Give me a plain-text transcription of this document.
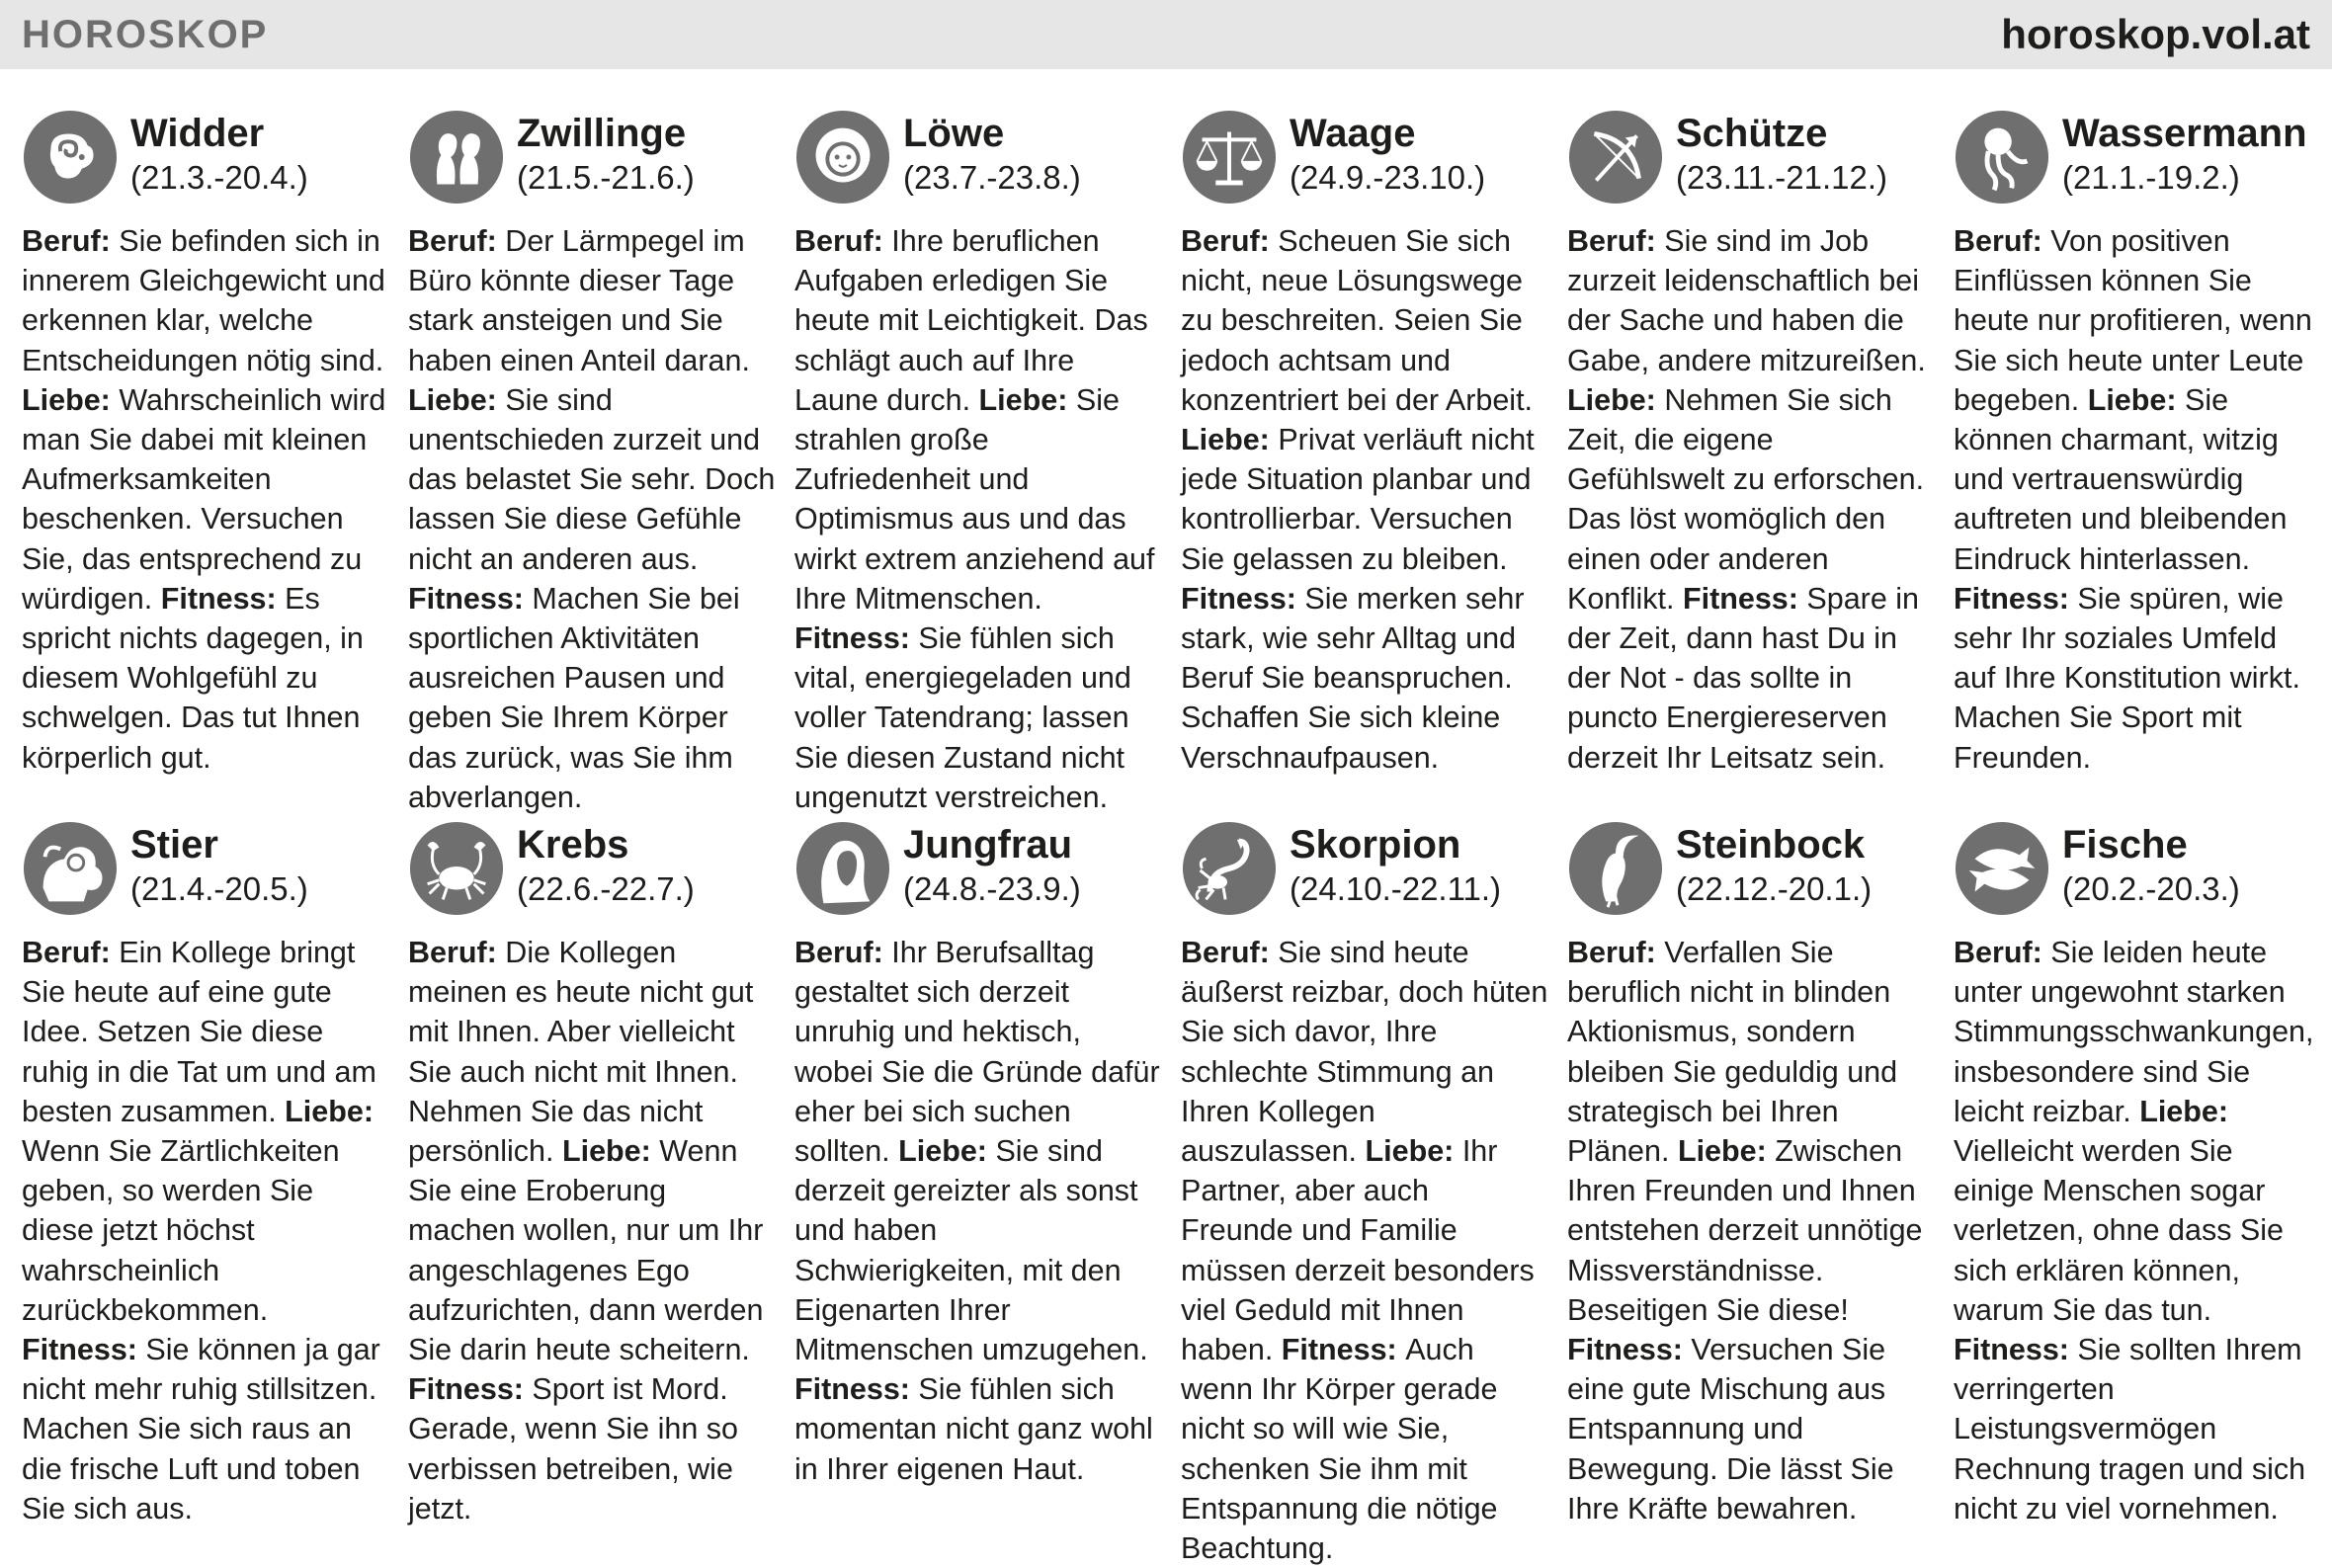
HOROSKOP	horoskop.vol.at
Widder
(21.3.-20.4.)
Beruf: Sie befinden sich in innerem Gleichgewicht und erkennen klar, welche Entscheidungen nötig sind.

Liebe: Wahrscheinlich wird man Sie dabei mit kleinen Aufmerksamkeiten beschenken. Versuchen Sie, das entsprechend zu würdigen. Fitness: Es spricht nichts dagegen, in diesem Wohlgefühl zu schwelgen. Das tut Ihnen körperlich gut.

Zwillinge
(21.5.-21.6.)
Beruf: Der Lärmpegel im Büro könnte dieser Tage stark ansteigen und Sie haben einen Anteil daran.

Liebe: Sie sind unentschieden zurzeit und das belastet Sie sehr. Doch lassen Sie diese Gefühle nicht an anderen aus.

Fitness: Machen Sie bei sportlichen Aktivitäten ausreichen Pausen und geben Sie Ihrem Körper das zurück, was Sie ihm abverlangen.

Löwe
(23.7.-23.8.)
Beruf: Ihre beruflichen Aufgaben erledigen Sie heute mit Leichtigkeit. Das schlägt auch auf Ihre Laune durch. Liebe: Sie strahlen große Zufriedenheit und Optimismus aus und das wirkt extrem anziehend auf Ihre Mitmenschen.

Fitness: Sie fühlen sich vital, energiegeladen und voller Tatendrang; lassen Sie diesen Zustand nicht ungenutzt verstreichen.

Waage
(24.9.-23.10.)
Beruf: Scheuen Sie sich nicht, neue Lösungswege zu beschreiten. Seien Sie jedoch achtsam und konzentriert bei der Arbeit.

Liebe: Privat verläuft nicht jede Situation planbar und kontrollierbar. Versuchen Sie gelassen zu bleiben.

Fitness: Sie merken sehr stark, wie sehr Alltag und Beruf Sie beanspruchen. Schaffen Sie sich kleine Verschnaufpausen.

Schütze
(23.11.-21.12.)
Beruf: Sie sind im Job zurzeit leidenschaftlich bei der Sache und haben die Gabe, andere mitzureißen.

Liebe: Nehmen Sie sich Zeit, die eigene Gefühlswelt zu erforschen. Das löst womöglich den einen oder anderen Konflikt. Fitness: Spare in der Zeit, dann hast Du in der Not - das sollte in puncto Energiereserven derzeit Ihr Leitsatz sein.

Wassermann
(21.1.-19.2.)
Beruf: Von positiven Einflüssen können Sie heute nur profitieren, wenn Sie sich heute unter Leute begeben. Liebe: Sie können charmant, witzig und vertrauenswürdig auftreten und bleibenden Eindruck hinterlassen.

Fitness: Sie spüren, wie sehr Ihr soziales Umfeld auf Ihre Konstitution wirkt. Machen Sie Sport mit Freunden.

Stier
(21.4.-20.5.)
Beruf: Ein Kollege bringt Sie heute auf eine gute Idee. Setzen Sie diese ruhig in die Tat um und am besten zusammen. Liebe:

Wenn Sie Zärtlichkeiten geben, so werden Sie diese jetzt höchst wahrscheinlich zurückbekommen.

Fitness: Sie können ja gar nicht mehr ruhig stillsitzen. Machen Sie sich raus an die frische Luft und toben Sie sich aus.

Krebs
(22.6.-22.7.)
Beruf: Die Kollegen meinen es heute nicht gut mit Ihnen. Aber vielleicht Sie auch nicht mit Ihnen. Nehmen Sie das nicht persönlich. Liebe: Wenn Sie eine Eroberung machen wollen, nur um Ihr angeschlagenes Ego aufzurichten, dann werden Sie darin heute scheitern.

Fitness: Sport ist Mord. Gerade, wenn Sie ihn so verbissen betreiben, wie jetzt.

Jungfrau
(24.8.-23.9.)
Beruf: Ihr Berufsalltag gestaltet sich derzeit unruhig und hektisch, wobei Sie die Gründe dafür eher bei sich suchen sollten. Liebe: Sie sind derzeit gereizter als sonst und haben Schwierigkeiten, mit den Eigenarten Ihrer Mitmenschen umzugehen.

Fitness: Sie fühlen sich momentan nicht ganz wohl in Ihrer eigenen Haut.

Skorpion
(24.10.-22.11.)
Beruf: Sie sind heute äußerst reizbar, doch hüten Sie sich davor, Ihre schlechte Stimmung an Ihren Kollegen auszulassen. Liebe: Ihr Partner, aber auch Freunde und Familie müssen derzeit besonders viel Geduld mit Ihnen haben. Fitness: Auch wenn Ihr Körper gerade nicht so will wie Sie, schenken Sie ihm mit Entspannung die nötige Beachtung.

Steinbock
(22.12.-20.1.)
Beruf: Verfallen Sie beruflich nicht in blinden Aktionismus, sondern bleiben Sie geduldig und strategisch bei Ihren Plänen. Liebe: Zwischen Ihren Freunden und Ihnen entstehen derzeit unnötige Missverständnisse. Beseitigen Sie diese!

Fitness: Versuchen Sie eine gute Mischung aus Entspannung und Bewegung. Die lässt Sie Ihre Kräfte bewahren.

Fische
(20.2.-20.3.)
Beruf: Sie leiden heute unter ungewohnt starken Stimmungsschwankungen, insbesondere sind Sie leicht reizbar. Liebe:

Vielleicht werden Sie einige Menschen sogar verletzen, ohne dass Sie sich erklären können, warum Sie das tun.

Fitness: Sie sollten Ihrem verringerten Leistungsvermögen Rechnung tragen und sich nicht zu viel vornehmen.
